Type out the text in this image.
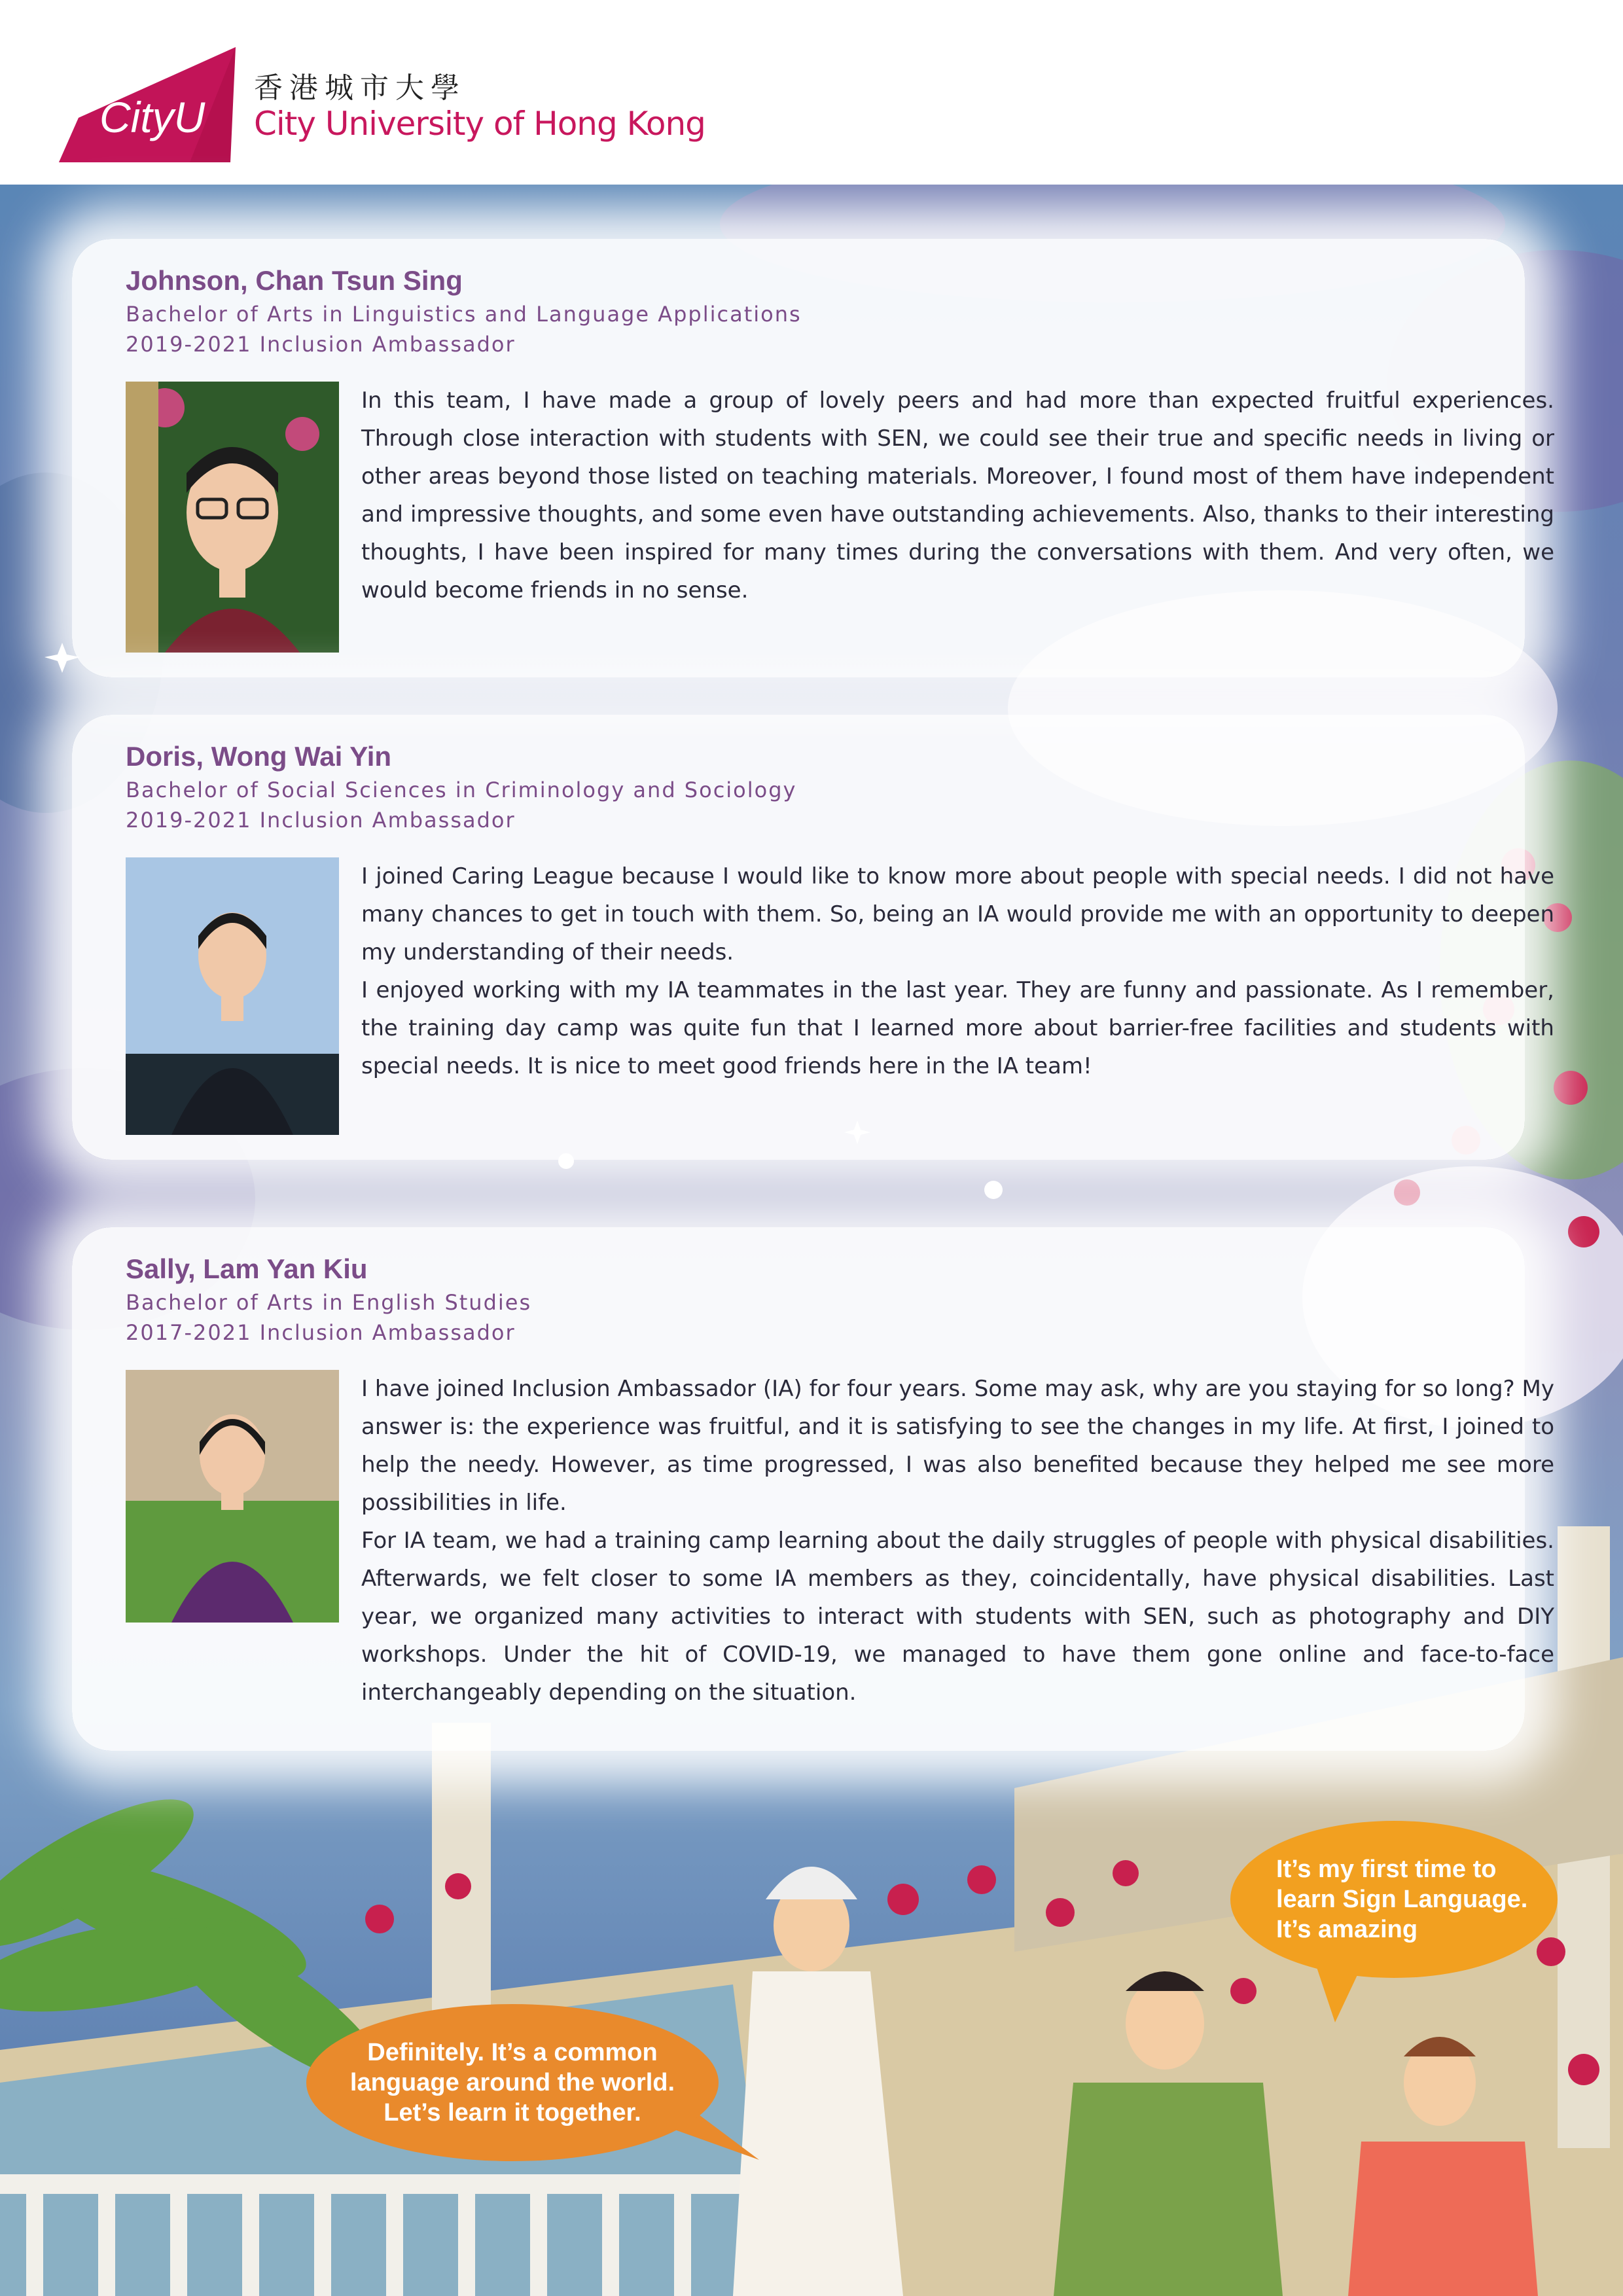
CityU
香港城市大學
City University of Hong Kong
Johnson, Chan Tsun Sing
Bachelor of Arts in Linguistics and Language Applications
2019-2021 Inclusion Ambassador

In this team, I have made a group of lovely peers and had more than expected fruitful experiences. Through close interaction with students with SEN, we could see their true and specific needs in living or other areas beyond those listed on teaching materials. Moreover, I found most of them have independent and impressive thoughts, and some even have outstanding achievements. Also, thanks to their interesting thoughts, I have been inspired for many times during the conversations with them. And very often, we would become friends in no sense.

Doris, Wong Wai Yin
Bachelor of Social Sciences in Criminology and Sociology
2019-2021 Inclusion Ambassador

I joined Caring League because I would like to know more about people with special needs. I did not have many chances to get in touch with them. So, being an IA would provide me with an opportunity to deepen my understanding of their needs.

I enjoyed working with my IA teammates in the last year. They are funny and passionate. As I remember, the training day camp was quite fun that I learned more about barrier-free facilities and students with special needs. It is nice to meet good friends here in the IA team!

Sally, Lam Yan Kiu
Bachelor of Arts in English Studies
2017-2021 Inclusion Ambassador

I have joined Inclusion Ambassador (IA) for four years. Some may ask, why are you staying for so long? My answer is: the experience was fruitful, and it is satisfying to see the changes in my life. At first, I joined to help the needy. However, as time progressed, I was also benefited because they helped me see more possibilities in life.

For IA team, we had a training camp learning about the daily struggles of people with physical disabilities. Afterwards, we felt closer to some IA members as they, coincidentally, have physical disabilities. Last year, we organized many activities to interact with students with SEN, such as photography and DIY workshops. Under the hit of COVID-19, we managed to have them gone online and face-to-face interchangeably depending on the situation.

Definitely. It’s a common
language around the world.
Let’s learn it together.
It’s my first time to
learn Sign Language.
It’s amazing
